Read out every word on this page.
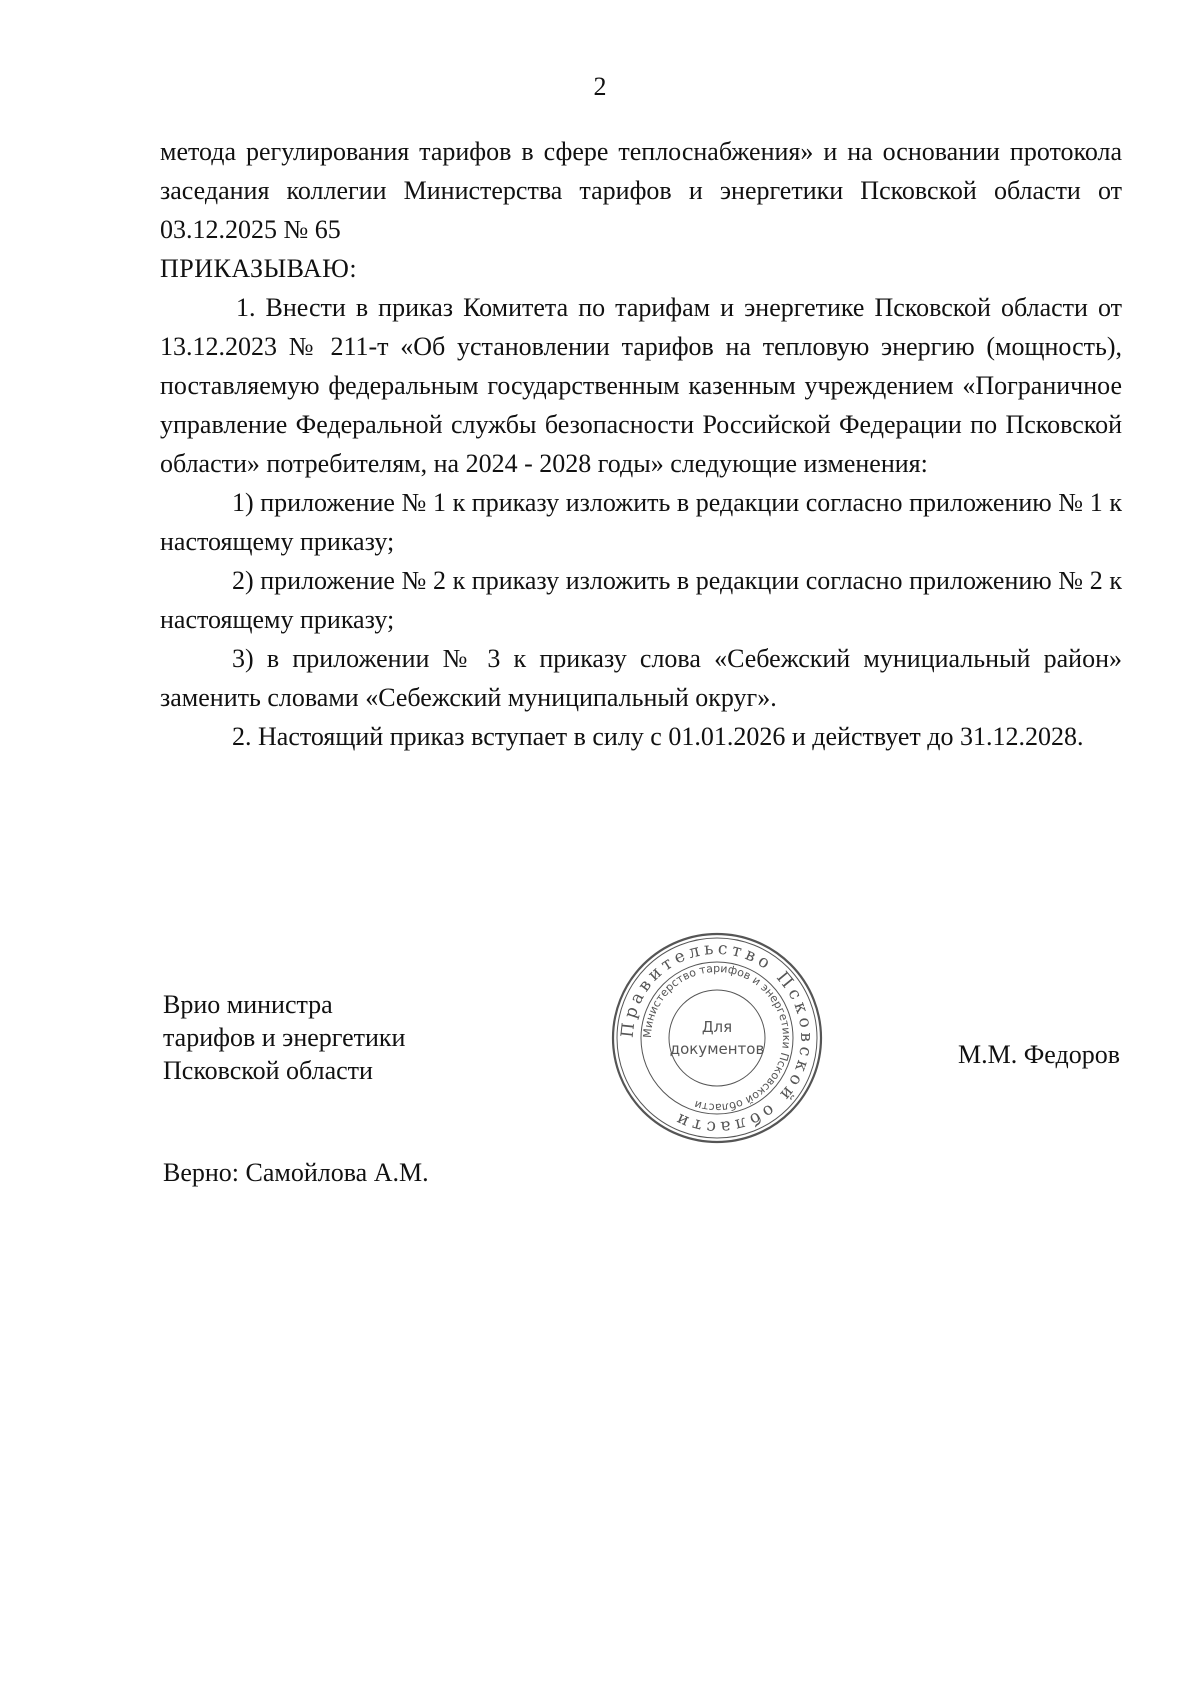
2

метода регулирования тарифов в сфере теплоснабжения» и на основании протокола заседания коллегии Министерства тарифов и энергетики Псковской области от 03.12.2025 № 65

ПРИКАЗЫВАЮ:

1. Внести в приказ Комитета по тарифам и энергетике Псковской области от 13.12.2023 № 211-т «Об установлении тарифов на тепловую энергию (мощность), поставляемую федеральным государственным казенным учреждением «Пограничное управление Федеральной службы безопасности Российской Федерации по Псковской области» потребителям, на 2024 - 2028 годы» следующие изменения:

1) приложение № 1 к приказу изложить в редакции согласно приложению № 1 к настоящему приказу;

2) приложение № 2 к приказу изложить в редакции согласно приложению № 2 к настоящему приказу;

3) в приложении № 3 к приказу слова «Себежский мунициальный район» заменить словами «Себежский муниципальный округ».

2. Настоящий приказ вступает в силу с 01.01.2026 и действует до 31.12.2028.

Врио министра
тарифов и энергетики
Псковской области
Правительство Псковской области
Министерство тарифов и энергетики Псковской области
Для
документов	М.М. Федоров
Верно: Самойлова А.М.
